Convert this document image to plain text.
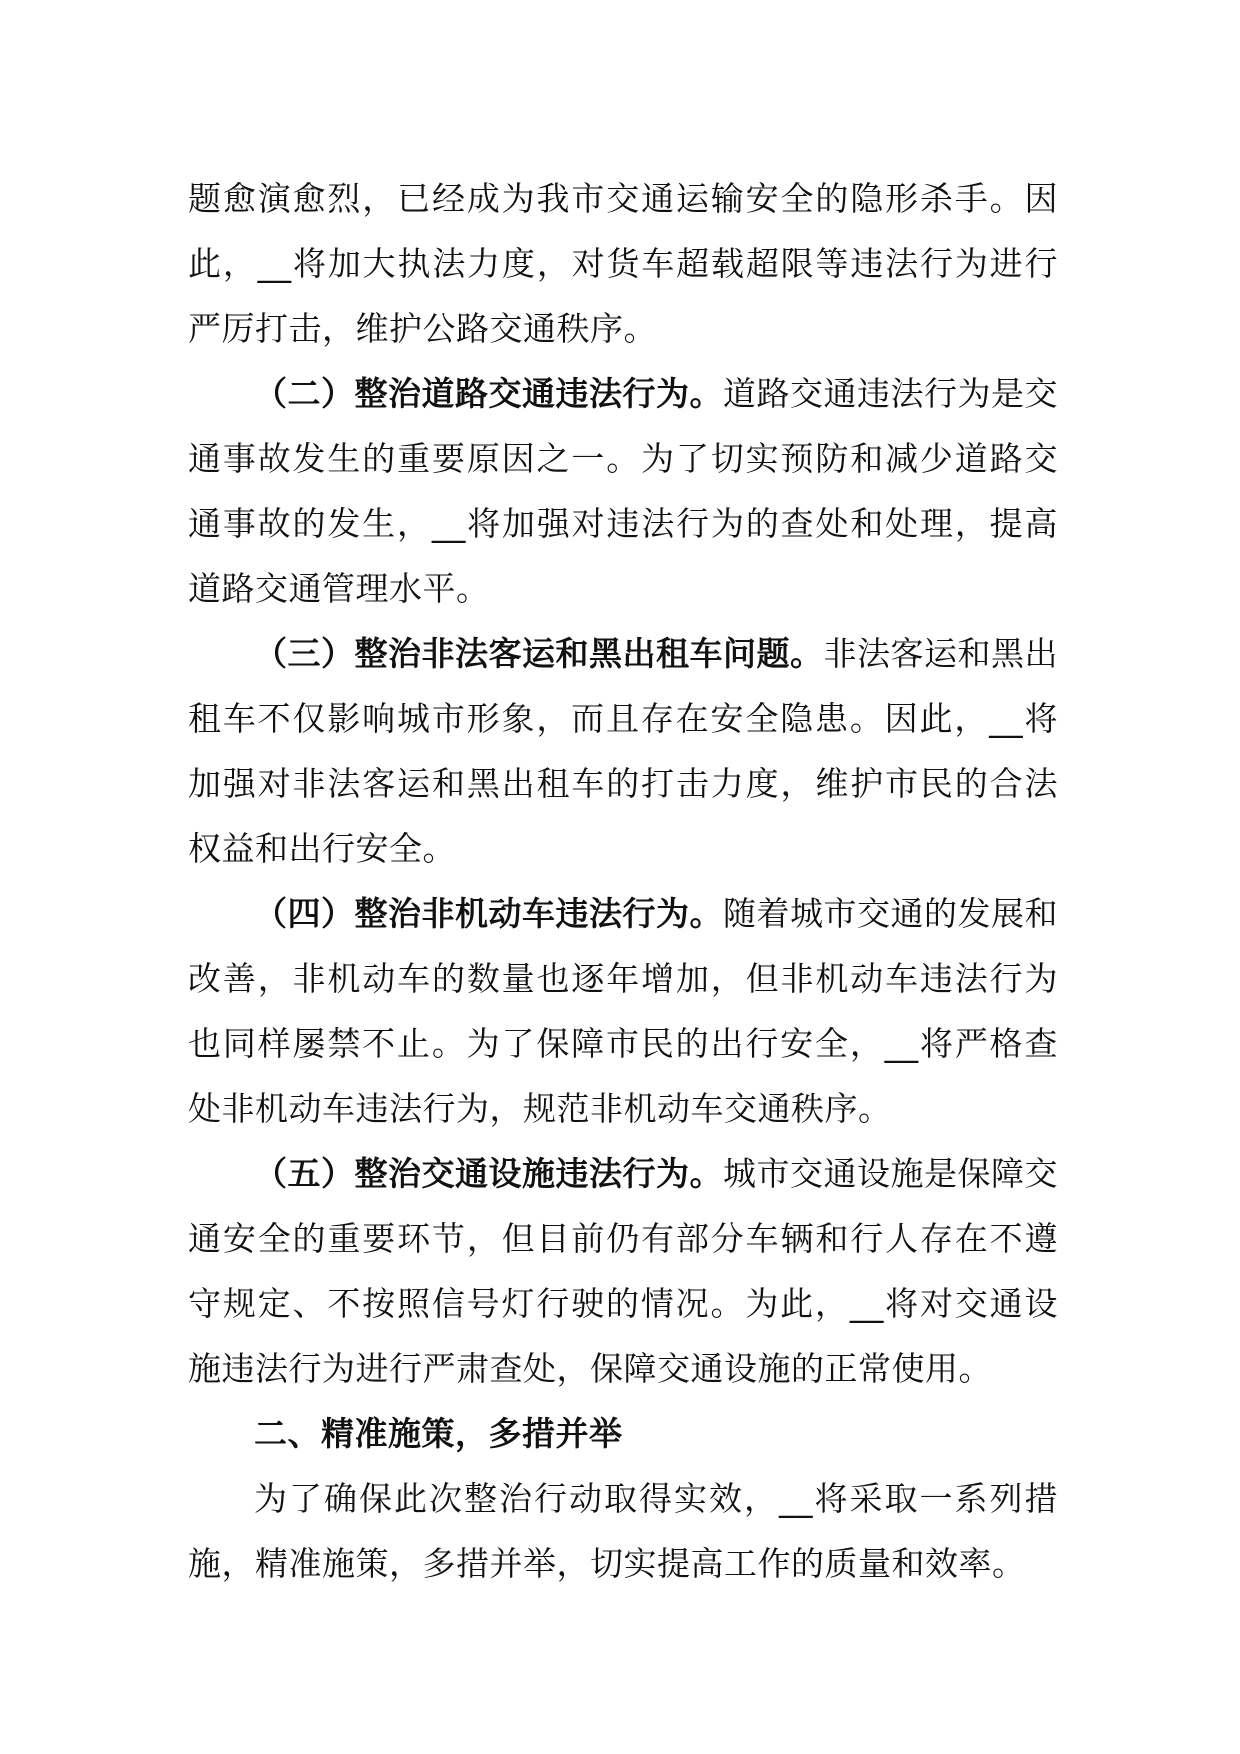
题愈演愈烈，已经成为我市交通运输安全的隐形杀手。因此，__将加大执法力度，对货车超载超限等违法行为进行严厉打击，维护公路交通秩序。

（二）整治道路交通违法行为。道路交通违法行为是交通事故发生的重要原因之一。为了切实预防和减少道路交通事故的发生，__将加强对违法行为的查处和处理，提高道路交通管理水平。

（三）整治非法客运和黑出租车问题。非法客运和黑出租车不仅影响城市形象，而且存在安全隐患。因此，__将加强对非法客运和黑出租车的打击力度，维护市民的合法权益和出行安全。

（四）整治非机动车违法行为。随着城市交通的发展和改善，非机动车的数量也逐年增加，但非机动车违法行为也同样屡禁不止。为了保障市民的出行安全，__将严格查处非机动车违法行为，规范非机动车交通秩序。

（五）整治交通设施违法行为。城市交通设施是保障交通安全的重要环节，但目前仍有部分车辆和行人存在不遵守规定、不按照信号灯行驶的情况。为此，__将对交通设施违法行为进行严肃查处，保障交通设施的正常使用。

二、精准施策，多措并举

为了确保此次整治行动取得实效，__将采取一系列措施，精准施策，多措并举，切实提高工作的质量和效率。
